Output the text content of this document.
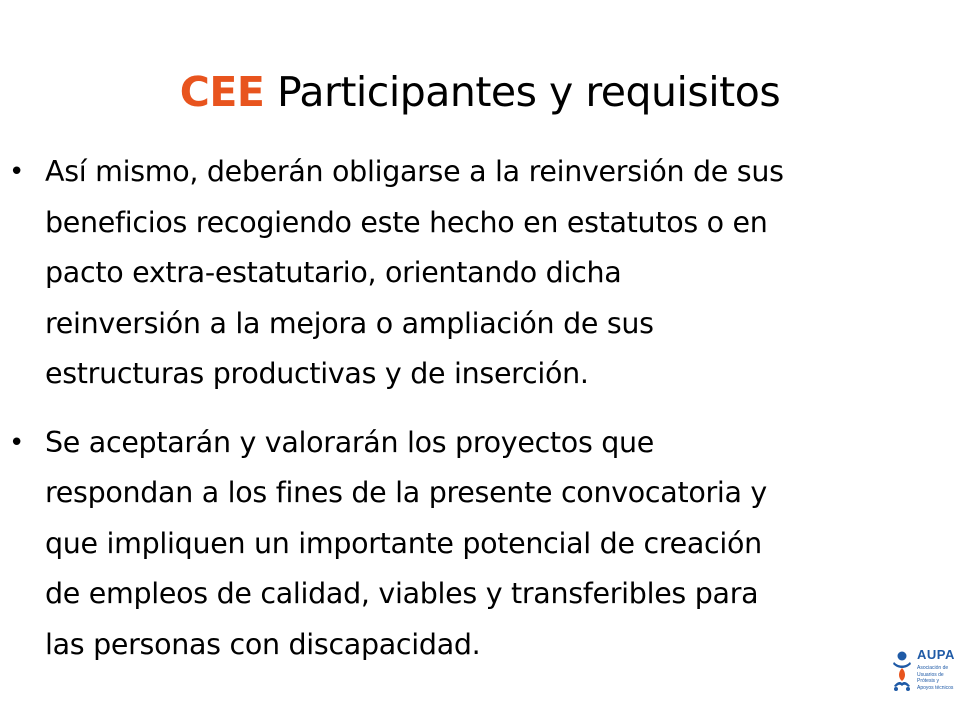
CEE Participantes y requisitos
• Así mismo, deberán obligarse a la reinversión de sus
beneficios recogiendo este hecho en estatutos o en
pacto extra-estatutario, orientando dicha
reinversión a la mejora o ampliación de sus
estructuras productivas y de inserción.
• Se aceptarán y valorarán los proyectos que
respondan a los fines de la presente convocatoria y
que impliquen un importante potencial de creación
de empleos de calidad, viables y transferibles para
las personas con discapacidad.	AUPA
Asociación de
Usuarios de
Prótesis y
Apoyos técnicos
